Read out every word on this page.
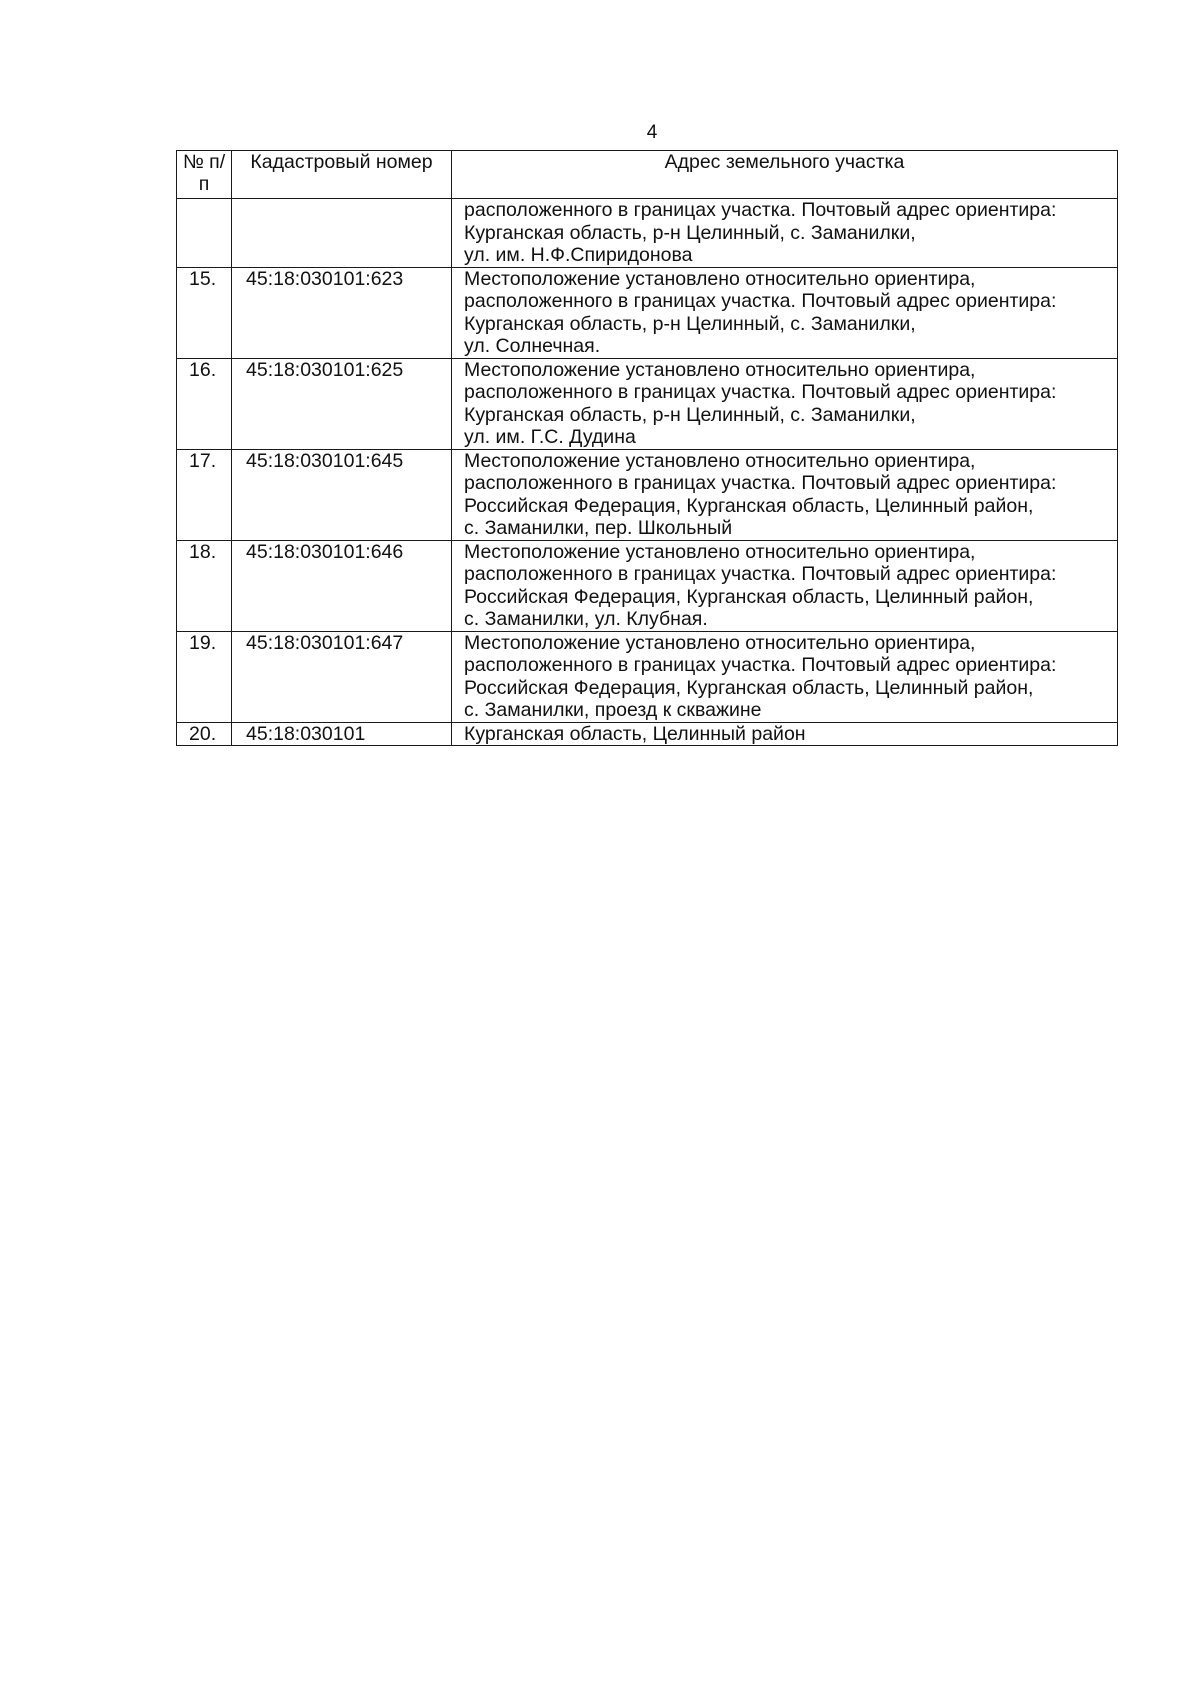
4
№ п/п	Кадастровый номер	Адрес земельного участка

		расположенного в границах участка. Почтовый адрес ориентира:
Курганская область, р-н Целинный, с. Заманилки,
ул. им. Н.Ф.Спиридонова

15.	45:18:030101:623	Местоположение установлено относительно ориентира,
расположенного в границах участка. Почтовый адрес ориентира:
Курганская область, р-н Целинный, с. Заманилки,
ул. Солнечная.

16.	45:18:030101:625	Местоположение установлено относительно ориентира,
расположенного в границах участка. Почтовый адрес ориентира:
Курганская область, р-н Целинный, с. Заманилки,
ул. им. Г.С. Дудина

17.	45:18:030101:645	Местоположение установлено относительно ориентира,
расположенного в границах участка. Почтовый адрес ориентира:
Российская Федерация, Курганская область, Целинный район,
с. Заманилки, пер. Школьный

18.	45:18:030101:646	Местоположение установлено относительно ориентира,
расположенного в границах участка. Почтовый адрес ориентира:
Российская Федерация, Курганская область, Целинный район,
с. Заманилки, ул. Клубная.

19.	45:18:030101:647	Местоположение установлено относительно ориентира,
расположенного в границах участка. Почтовый адрес ориентира:
Российская Федерация, Курганская область, Целинный район,
с. Заманилки, проезд к скважине

20.	45:18:030101	Курганская область, Целинный район
